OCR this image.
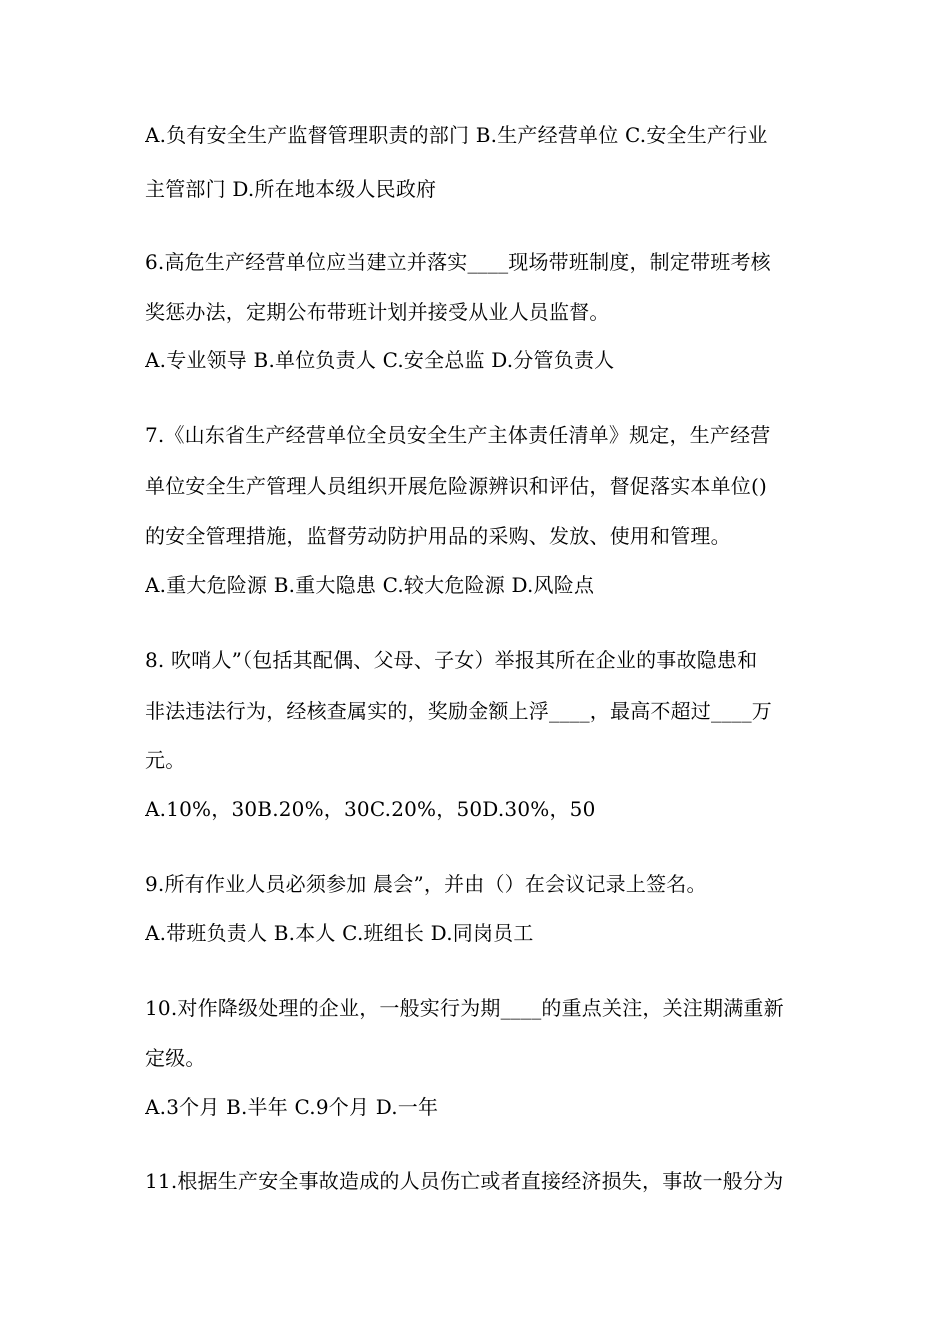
A.负有安全生产监督管理职责的部门 B.生产经营单位 C.安全生产行业
主管部门 D.所在地本级人民政府
6.高危生产经营单位应当建立并落实____现场带班制度，制定带班考核
奖惩办法，定期公布带班计划并接受从业人员监督。
A.专业领导 B.单位负责人 C.安全总监 D.分管负责人
7.《山东省生产经营单位全员安全生产主体责任清单》规定，生产经营
单位安全生产管理人员组织开展危险源辨识和评估，督促落实本单位()
的安全管理措施，监督劳动防护用品的采购、发放、使用和管理。
A.重大危险源 B.重大隐患 C.较大危险源 D.风险点
8. 吹哨人”（包括其配偶、父母、子女）举报其所在企业的事故隐患和
非法违法行为，经核查属实的，奖励金额上浮____，最高不超过____万
元。
A.10%，30B.20%，30C.20%，50D.30%，50
9.所有作业人员必须参加 晨会”，并由（）在会议记录上签名。
A.带班负责人 B.本人 C.班组长 D.同岗员工
10.对作降级处理的企业，一般实行为期____的重点关注，关注期满重新
定级。
A.3个月 B.半年 C.9个月 D.一年
11.根据生产安全事故造成的人员伤亡或者直接经济损失，事故一般分为
